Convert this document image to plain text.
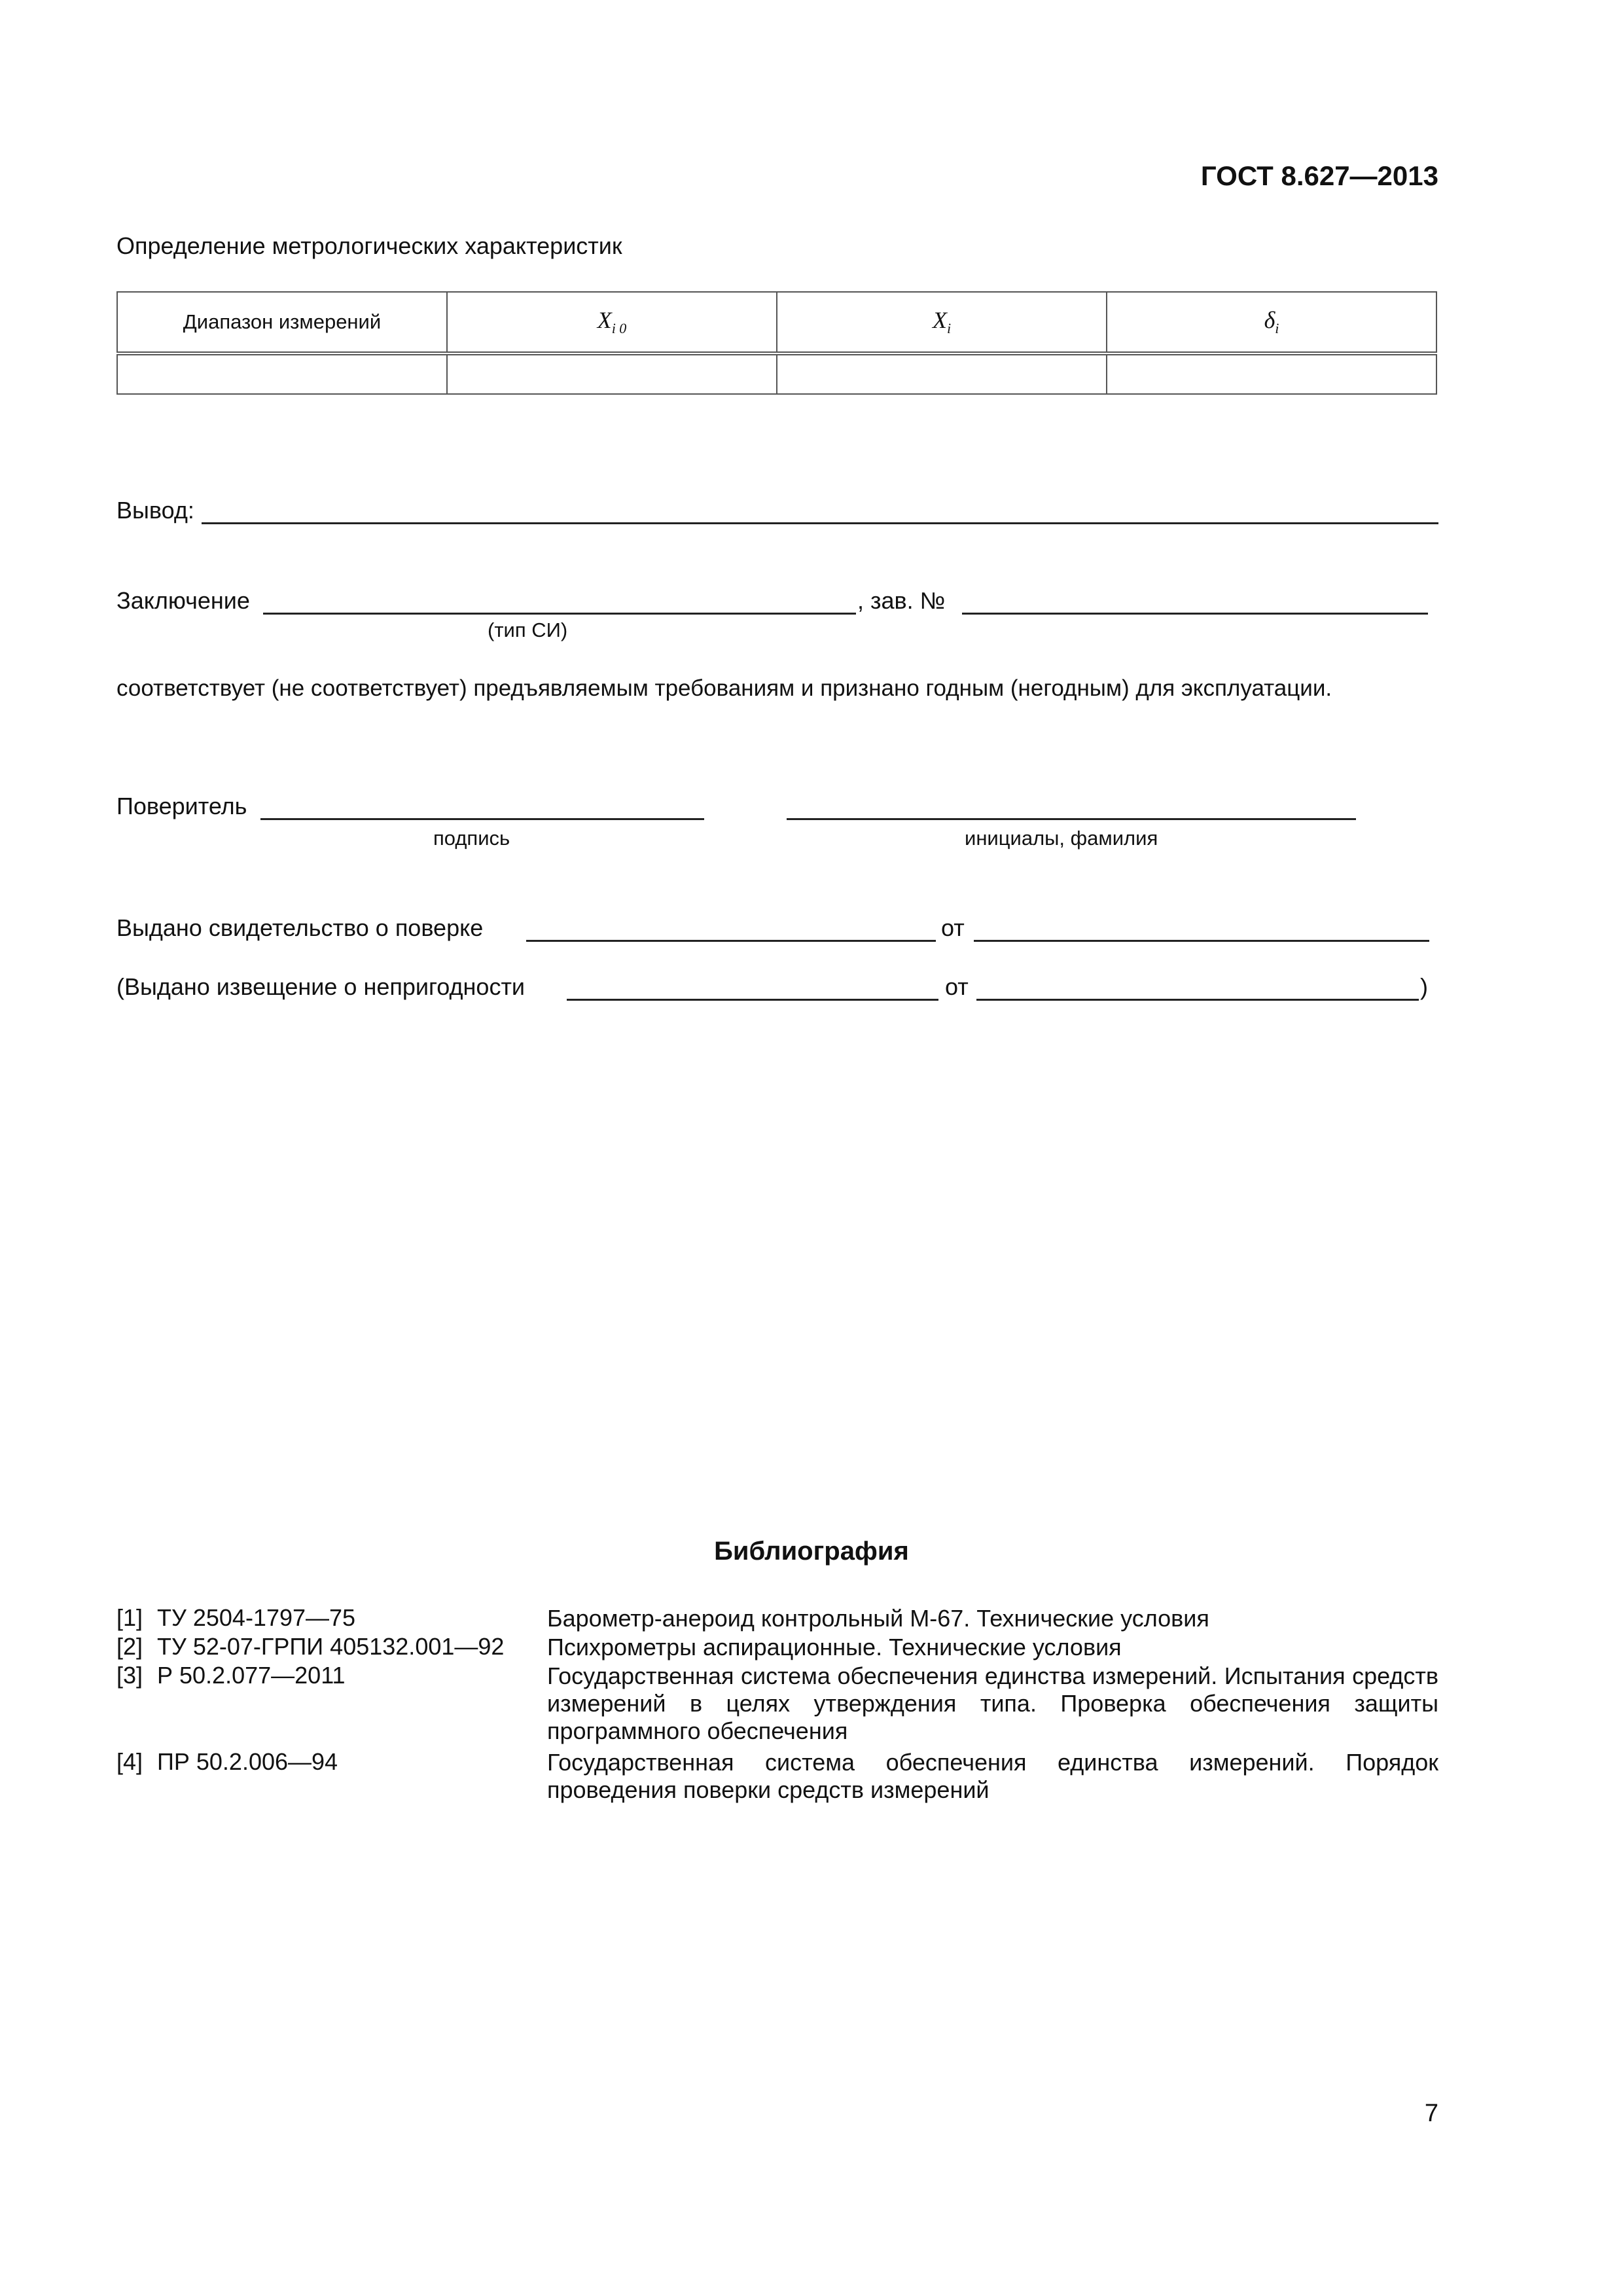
ГОСТ 8.627—2013
Определение метрологических характеристик
Диапазон измерений	$X_{i 0}$	$X_i$	$\delta_i$

Вывод:
Заключение	, зав. №
(тип СИ)
соответствует (не соответствует) предъявляемым требованиям и признано годным (негодным) для эксплуатации.
Поверитель
подпись	инициалы, фамилия
Выдано свидетельство о поверке	от
(Выдано извещение о непригодности	от	)
Библиография
[1] ТУ 2504-1797—75	Барометр-анероид контрольный М-67. Технические условия
[2] ТУ 52-07-ГРПИ 405132.001—92 Психрометры аспирационные. Технические условия
[3] Р 50.2.077—2011	Государственная система обеспечения единства измерений. Испытания средств измерений в целях утверждения типа. Проверка обеспечения защиты программного обеспечения
[4] ПР 50.2.006—94	Государственная система обеспечения единства измерений. Порядок проведения поверки средств измерений
7
